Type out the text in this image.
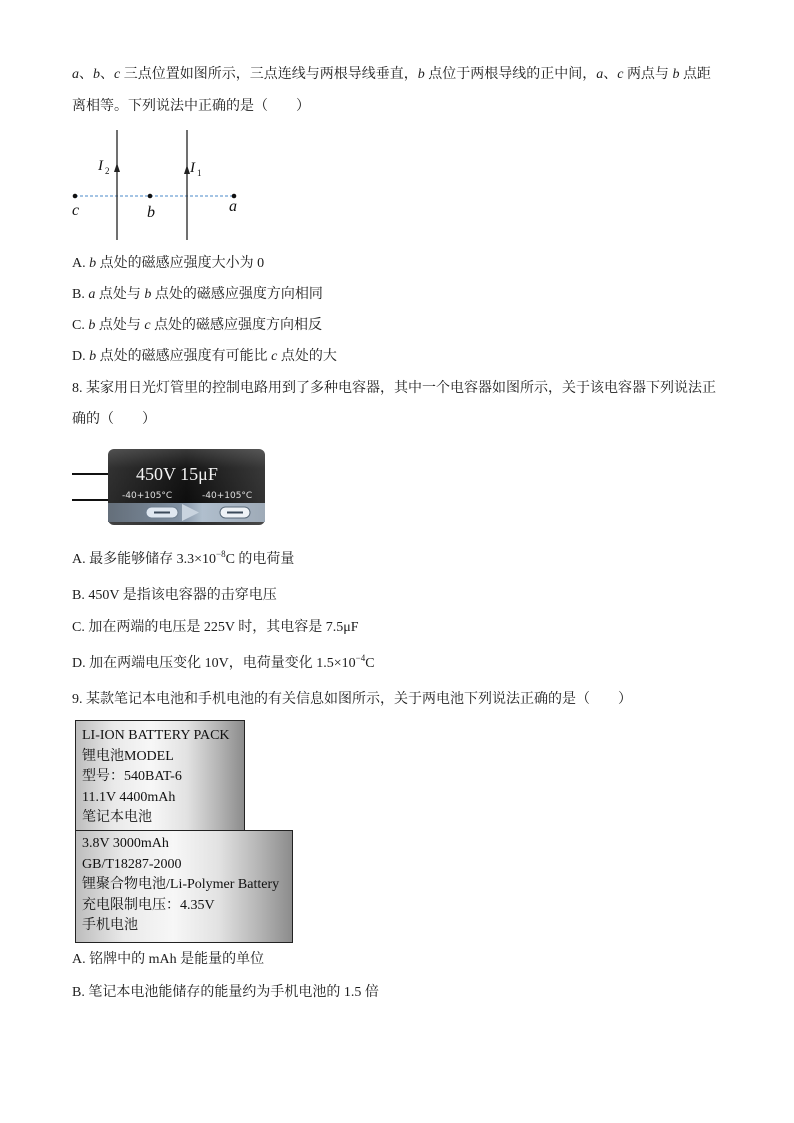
a、b、c 三点位置如图所示，三点连线与两根导线垂直，b 点位于两根导线的正中间，a、c 两点与 b 点距
离相等。下列说法中正确的是（　　）
I 2	I 1
c	b	a
A. b 点处的磁感应强度大小为 0
B. a 点处与 b 点处的磁感应强度方向相同
C. b 点处与 c 点处的磁感应强度方向相反
D. b 点处的磁感应强度有可能比 c 点处的大
8. 某家用日光灯管里的控制电路用到了多种电容器，其中一个电容器如图所示，关于该电容器下列说法正
确的（　　）
450V 15μF
-40+105°C	-40+105°C
A. 最多能够储存 $3.3\times 10^{-8}C$ 的电荷量
B. 450V 是指该电容器的击穿电压
C. 加在两端的电压是 225V 时，其电容是 7.5μF
D. 加在两端电压变化 10V，电荷量变化 $1.5\times 10^{-4}C$
9. 某款笔记本电池和手机电池的有关信息如图所示，关于两电池下列说法正确的是（　　）
LI-ION BATTERY PACK
锂电池MODEL
型号：540BAT-6
11.1V 4400mAh
笔记本电池
3.8V 3000mAh
GB/T18287-2000
锂聚合物电池/Li-Polymer Battery
充电限制电压：4.35V
手机电池
A. 铭牌中的 mAh 是能量的单位
B. 笔记本电池能储存的能量约为手机电池的 1.5 倍
